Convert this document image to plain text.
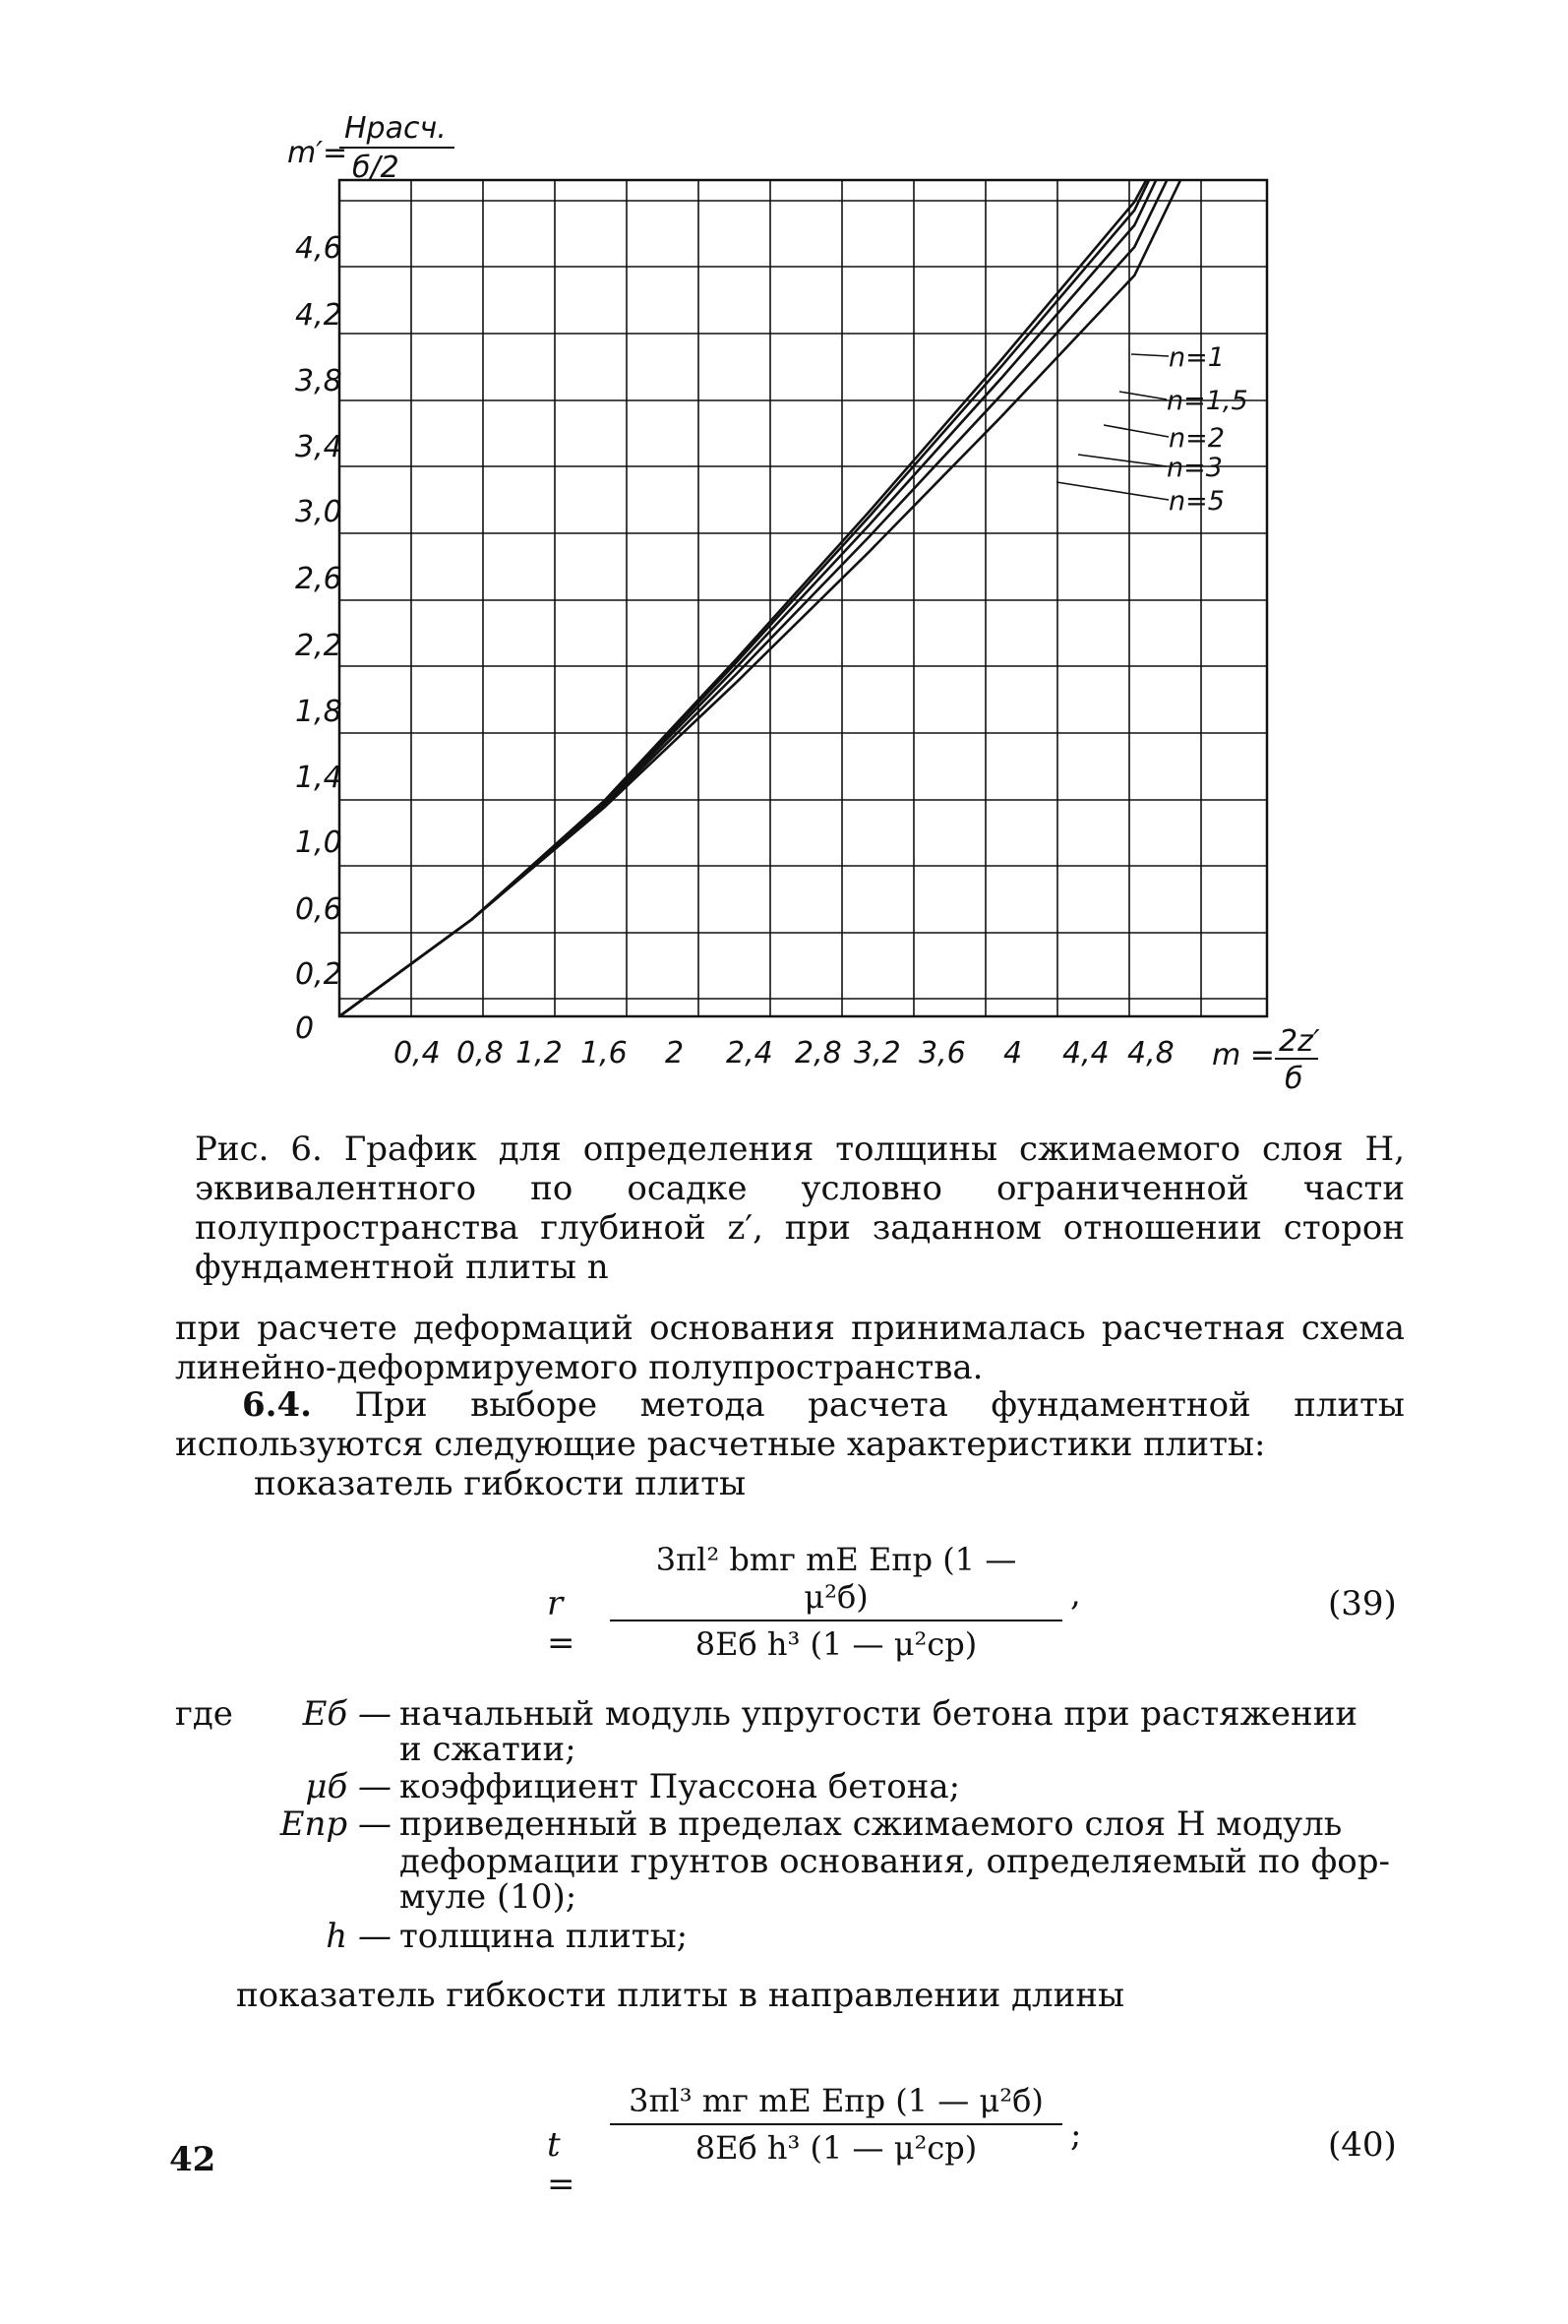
0
0,2
0,6
1,0
1,4
1,8
2,2
2,6
3,0
3,4
3,8
4,2
4,6
0,4 0,8 1,2 1,6 2 2,4 2,8 3,2 3,6 4 4,4 4,8
n=1
n=1,5
n=2
n=3
n=5
m′=
Hрасч.
б/2
m = 2z′
б
Рис. 6. График для определения толщины сжимаемого слоя H, эквивалентного по осадке условно ограниченной части полупространства глубиной z′, при заданном отношении сторон фундаментной плиты n
при расчете деформаций основания принималась расчетная схема линейно-деформируемого полупространства.
6.4. При выборе метода расчета фундаментной плиты используются следующие расчетные характеристики плиты:
показатель гибкости плиты
r =
3πl² bmг mE Eпр (1 — μ²б)
8Eб h³ (1 — μ²ср)
,	(39)
где	Eб — начальный модуль упругости бетона при растяжении
и сжатии;
μб — коэффициент Пуассона бетона;
Eпр — приведенный в пределах сжимаемого слоя H модуль
деформации грунтов основания, определяемый по фор-
муле (10);
h — толщина плиты;
показатель гибкости плиты в направлении длины
t =
3πl³ mг mE Eпр (1 — μ²б)
8Eб h³ (1 — μ²ср)	;	(40)
42
